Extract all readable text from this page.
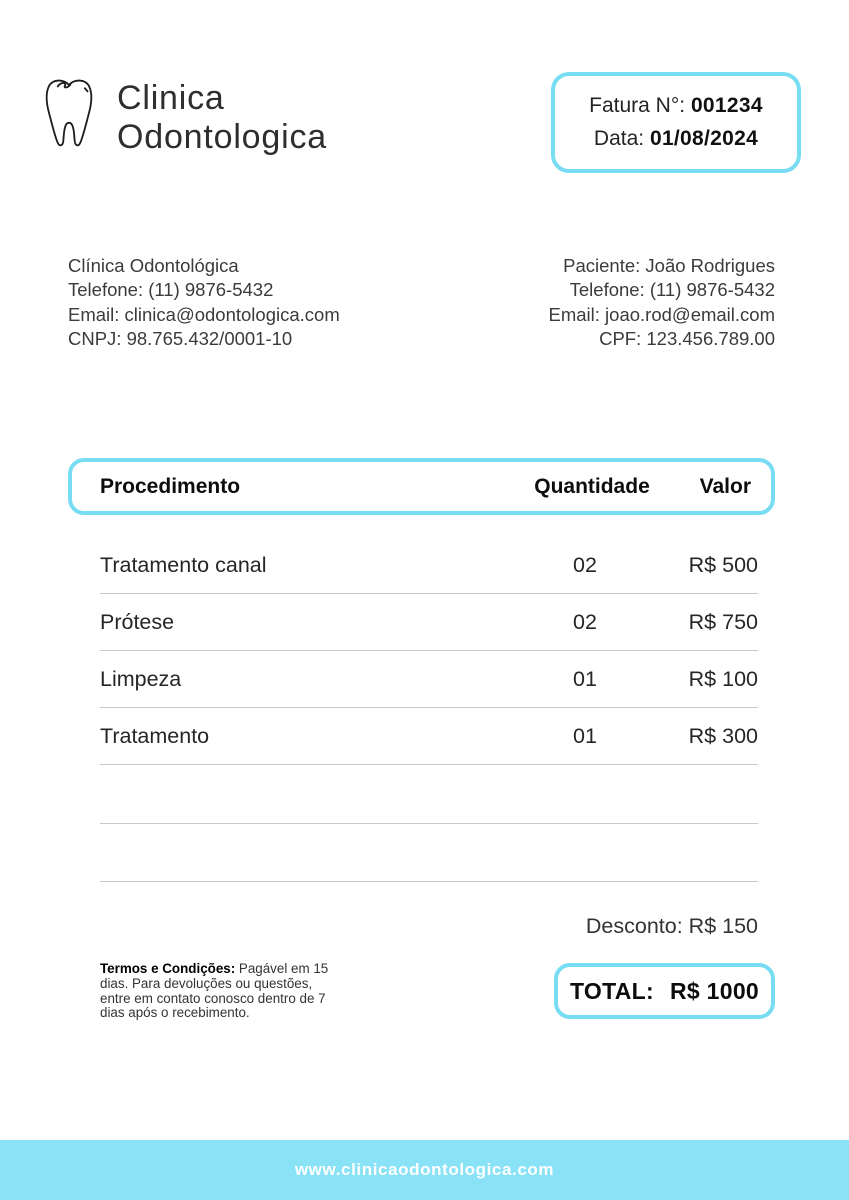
Clinica
Odontologica
Fatura N°: 001234
Data: 01/08/2024
Clínica Odontológica
Telefone: (11) 9876-5432
Email: clinica@odontologica.com
CNPJ: 98.765.432/0001-10
Paciente: João Rodrigues
Telefone: (11) 9876-5432
Email: joao.rod@email.com
CPF: 123.456.789.00
Procedimento	Quantidade	Valor
Tratamento canal	02	R$ 500
Prótese	02	R$ 750
Limpeza	01	R$ 100
Tratamento	01	R$ 300
Desconto: R$ 150
Termos e Condições: Pagável em 15 dias. Para devoluções ou questões, entre em contato conosco dentro de 7 dias após o recebimento.
TOTAL: R$ 1000
www.clinicaodontologica.com
